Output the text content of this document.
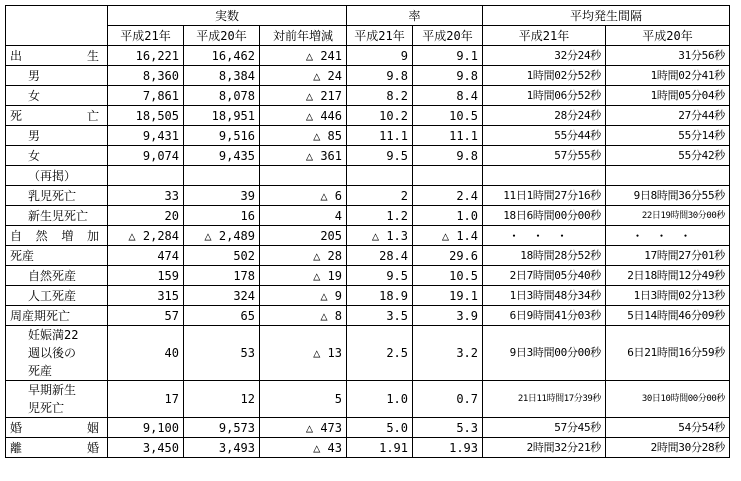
	実数			率		平均発生間隔	
	平成21年	平成20年	対前年増減	平成21年	平成20年	平成21年	平成20年

出 生	16,221	16,462	△ 241	9	9.1	32分24秒	31分56秒
男	8,360	8,384	△ 24	9.8	9.8	1時間02分52秒	1時間02分41秒
女	7,861	8,078	△ 217	8.2	8.4	1時間06分52秒	1時間05分04秒

死 亡	18,505	18,951	△ 446	10.2	10.5	28分24秒	27分44秒
男	9,431	9,516	△ 85	11.1	11.1	55分44秒	55分14秒
女	9,074	9,435	△ 361	9.5	9.8	57分55秒	55分42秒
（再掲）							
乳児死亡	33	39	△ 6	2	2.4	11日1時間27分16秒	9日8時間36分55秒
新生児死亡	20	16	4	1.2	1.0	18日6時間00分00秒	22日19時間30分00秒

自 然 増 加	△ 2,284	△ 2,489	205	△ 1.3	△ 1.4	・・・	・・・
死産	474	502	△ 28	28.4	29.6	18時間28分52秒	17時間27分01秒
自然死産	159	178	△ 19	9.5	10.5	2日7時間05分40秒	2日18時間12分49秒
人工死産	315	324	△ 9	18.9	19.1	1日3時間48分34秒	1日3時間02分13秒
周産期死亡	57	65	△ 8	3.5	3.9	6日9時間41分03秒	5日14時間46分09秒

妊娠満22
週以後の
死産	40	53	△ 13	2.5	3.2	9日3時間00分00秒	6日21時間16分59秒

早期新生
児死亡	17	12	5	1.0	0.7	21日11時間17分39秒	30日10時間00分00秒

婚 姻	9,100	9,573	△ 473	5.0	5.3	57分45秒	54分54秒

離 婚	3,450	3,493	△ 43	1.91	1.93	2時間32分21秒	2時間30分28秒
